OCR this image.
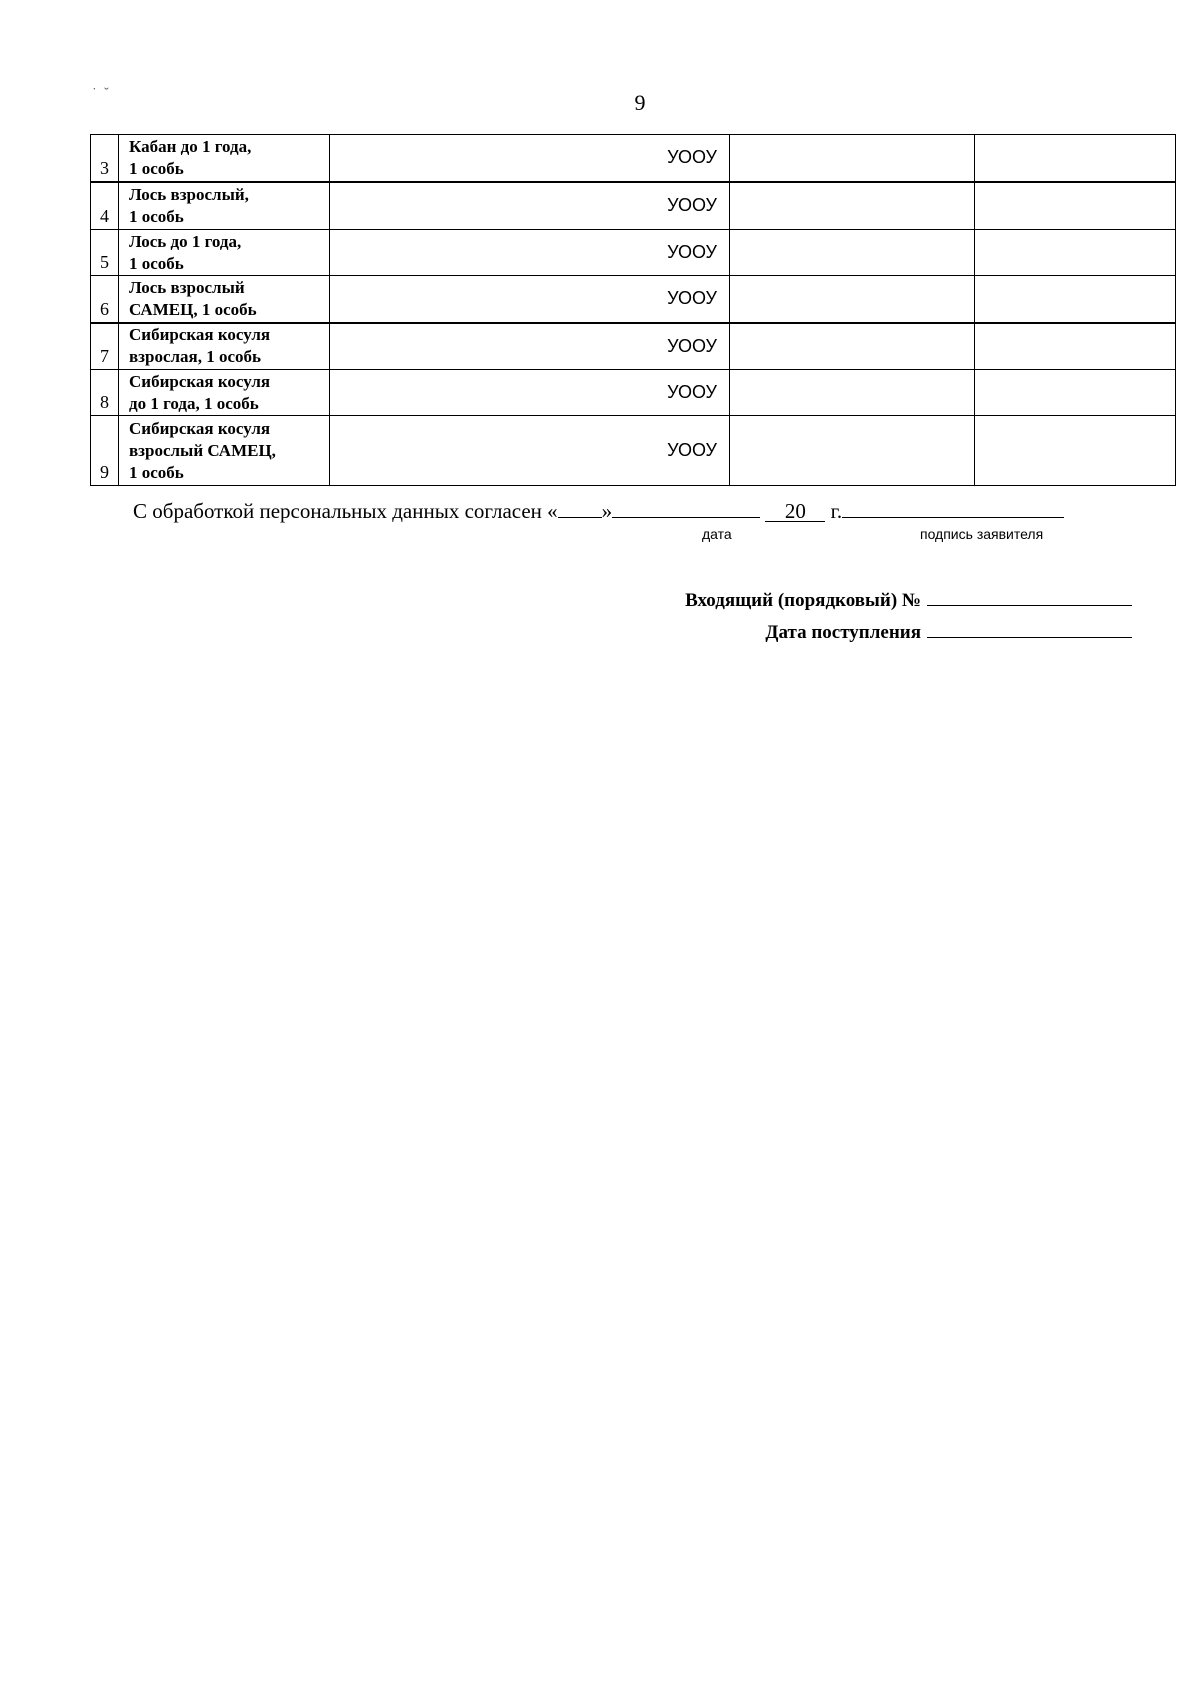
˙ ˘	9
3	Кабан до 1 года,
1 особь	УООУ		
4	Лось взрослый,
1 особь	УООУ		
5	Лось до 1 года,
1 особь	УООУ		
6	Лось взрослый
САМЕЦ, 1 особь	УООУ		
7	Сибирская косуля
взрослая, 1 особь	УООУ		
8	Сибирская косуля
до 1 года, 1 особь	УООУ		
9	Сибирская косуля
взрослый САМЕЦ,
1 особь	УООУ		
С обработкой персональных данных согласен « »	20 г.
дата	подпись заявителя
Входящий (порядковый) №
Дата поступления
